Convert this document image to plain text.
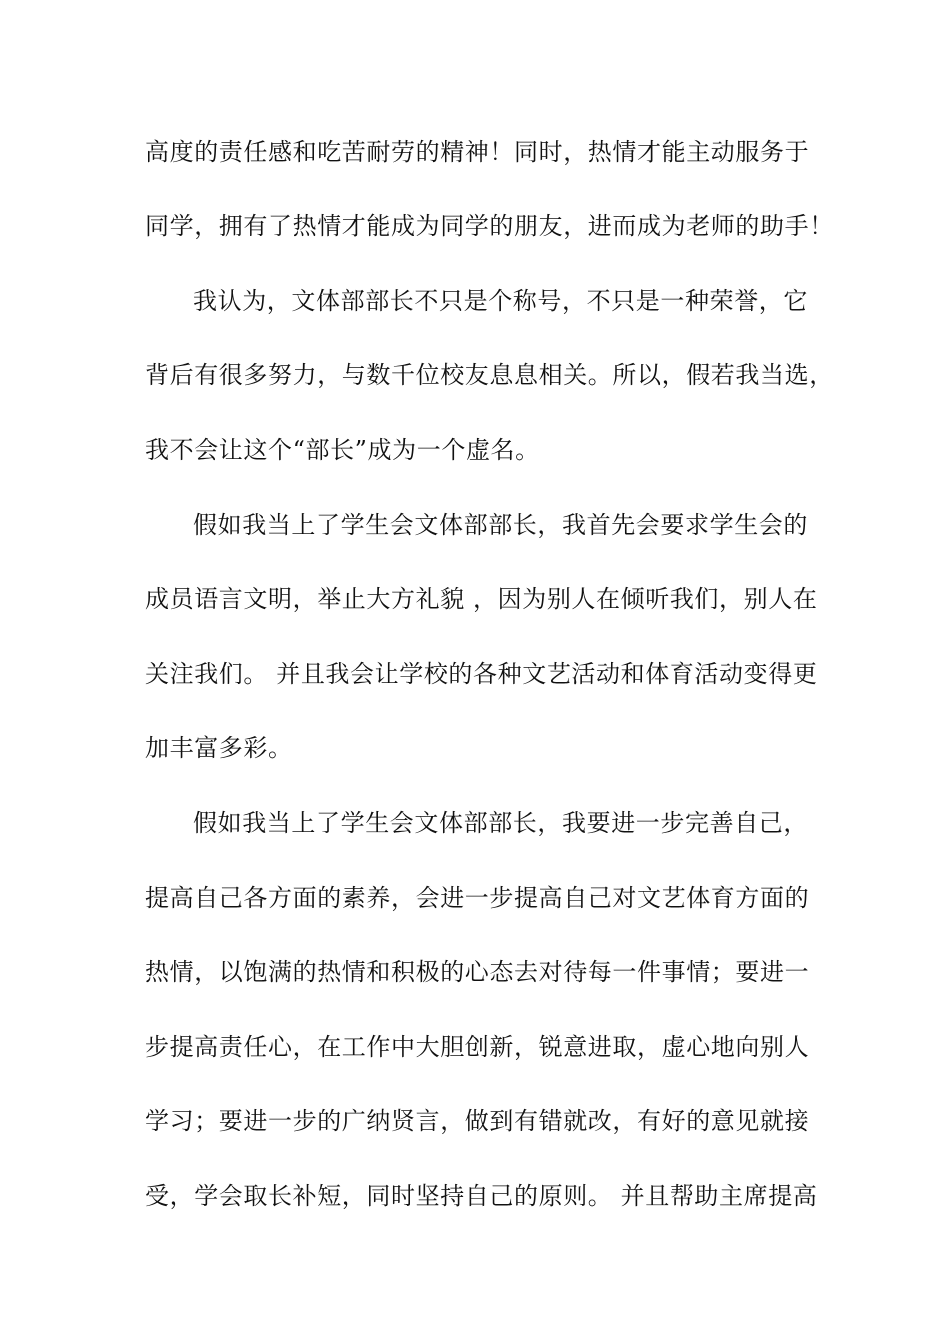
高度的责任感和吃苦耐劳的精神！同时，热情才能主动服务于
同学，拥有了热情才能成为同学的朋友，进而成为老师的助手！
我认为，文体部部长不只是个称号，不只是一种荣誉，它
背后有很多努力，与数千位校友息息相关。所以，假若我当选，
我不会让这个“部长”成为一个虚名。
假如我当上了学生会文体部部长，我首先会要求学生会的
成员语言文明，举止大方礼貌 ，因为别人在倾听我们，别人在
关注我们。 并且我会让学校的各种文艺活动和体育活动变得更
加丰富多彩。
假如我当上了学生会文体部部长，我要进一步完善自己，
提高自己各方面的素养，会进一步提高自己对文艺体育方面的
热情，以饱满的热情和积极的心态去对待每一件事情；要进一
步提高责任心，在工作中大胆创新，锐意进取，虚心地向别人
学习；要进一步的广纳贤言，做到有错就改，有好的意见就接
受，学会取长补短，同时坚持自己的原则。 并且帮助主席提高
